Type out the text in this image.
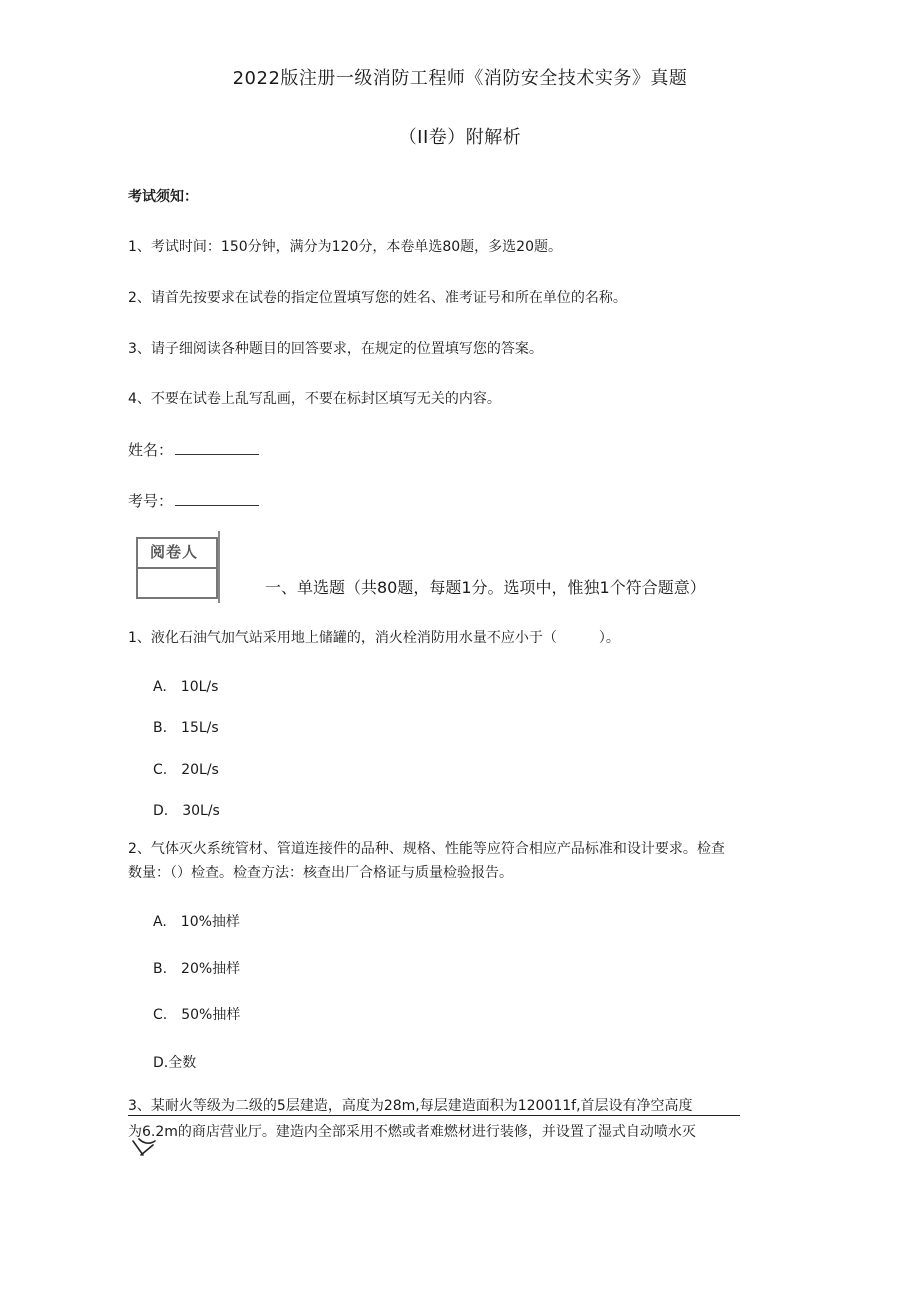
2022版注册一级消防工程师《消防安全技术实务》真题
（II卷）附解析
考试须知：
1、考试时间：150分钟，满分为120分，本卷单选80题，多选20题。
2、请首先按要求在试卷的指定位置填写您的姓名、准考证号和所在单位的名称。
3、请子细阅读各种题目的回答要求，在规定的位置填写您的答案。
4、不要在试卷上乱写乱画，不要在标封区填写无关的内容。
姓名：
考号：
阅卷人
一、单选题（共80题，每题1分。选项中，惟独1个符合题意）
1、液化石油气加气站采用地上储罐的，消火栓消防用水量不应小于（　　　）。
A.　10L/s
B.　15L/s
C.　20L/s
D.　30L/s
2、气体灭火系统管材、管道连接件的品种、规格、性能等应符合相应产品标准和设计要求。检查
数量：（）检查。检查方法：核查出厂合格证与质量检验报告。
A.　10%抽样
B.　20%抽样
C.　50%抽样
D.全数
3、某耐火等级为二级的5层建造，高度为28m,每层建造面积为120011f,首层设有净空高度
为6.2m的商店营业厅。建造内全部采用不燃或者难燃材进行装修，并设置了湿式自动喷水灭
